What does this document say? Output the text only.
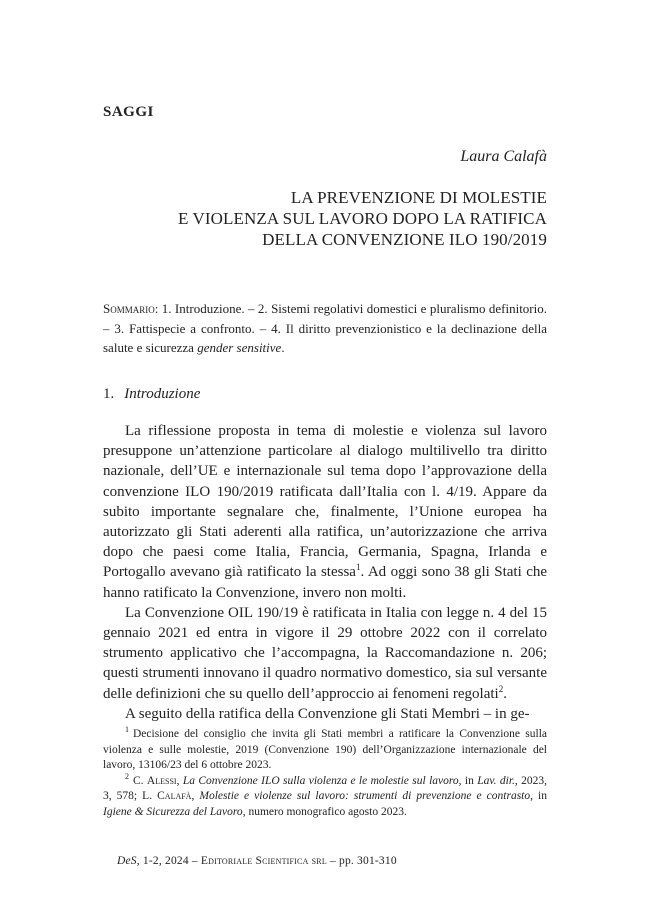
SAGGI
Laura Calafà
LA PREVENZIONE DI MOLESTIE
E VIOLENZA SUL LAVORO DOPO LA RATIFICA
DELLA CONVENZIONE ILO 190/2019
Sommario: 1. Introduzione. – 2. Sistemi regolativi domestici e pluralismo definitorio. – 3. Fattispecie a confronto. – 4. Il diritto prevenzionistico e la declinazione della salute e sicurezza gender sensitive.
1. Introduzione

La riflessione proposta in tema di molestie e violenza sul lavoro presuppone un’attenzione particolare al dialogo multilivello tra diritto nazionale, dell’UE e internazionale sul tema dopo l’approvazione della convenzione ILO 190/2019 ratificata dall’Italia con l. 4/19. Appare da subito importante segnalare che, finalmente, l’Unione europea ha autorizzato gli Stati aderenti alla ratifica, un’autorizzazione che arriva dopo che paesi come Italia, Francia, Germania, Spagna, Irlanda e Portogallo avevano già ratificato la stessa$^1$. Ad oggi sono 38 gli Stati che hanno ratificato la Convenzione, invero non molti.

La Convenzione OIL 190/19 è ratificata in Italia con legge n. 4 del 15 gennaio 2021 ed entra in vigore il 29 ottobre 2022 con il correlato strumento applicativo che l’accompagna, la Raccomandazione n. 206; questi strumenti innovano il quadro normativo domestico, sia sul versante delle definizioni che su quello dell’approccio ai fenomeni regolati$^2$.

A seguito della ratifica della Convenzione gli Stati Membri – in ge-

$^1$ Decisione del consiglio che invita gli Stati membri a ratificare la Convenzione sulla violenza e sulle molestie, 2019 (Convenzione 190) dell’Organizzazione internazionale del lavoro, 13106/23 del 6 ottobre 2023.

$^2$ C. Alessi, La Convenzione ILO sulla violenza e le molestie sul lavoro, in Lav. dir., 2023, 3, 578; L. Calafà, Molestie e violenze sul lavoro: strumenti di prevenzione e contrasto, in Igiene & Sicurezza del Lavoro, numero monografico agosto 2023.

DeS, 1-2, 2024 – Editoriale Scientifica srl – pp. 301-310
